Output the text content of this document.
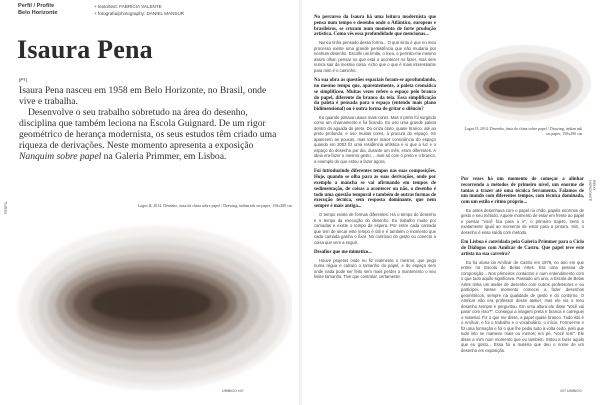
PERFIL
BELO HORIZONTE
Perfil / Profile
Belo Horizonte
+ texto/text: FABRÍCIA VALENTE
+ fotografia/photography: DANIEL MANSUR
Isaura Pena
[PT]

Isaura Pena nasceu em 1958 em Belo Horizonte, no Brasil, onde vive e trabalha.

Desenvolve o seu trabalho sobretudo na área do desenho, disciplina que também leciona na Escola Guignard. De um rigor geométrico de herança modernista, os seus estudos têm criado uma riqueza de derivações. Neste momento apresenta a exposição Nanquim sobre papel na Galeria Primmer, em Lisboa.

Lagos II, 2014. Desenho, tinta da china sobre papel / Drawing, indian ink on paper, 150x200 cm
UMBIGO #07
No percurso da Isaura há uma leitura modernista que pensa num tempo e desenho onde o Atlântico, europeus e brasileiros, se cruzam num momento de forte produção artística. Como vês essa profundidade que mencionas...
Nunca tinha pensado dessa forma... O que sinto é que no meu processo existe uma grande persistência que não mudaria por nenhum desenho. Escolhi um limite, o meu, e permito-me mesmo assim olhar, pensar no que está a acontecer no fazer, mas sem nunca sair da mesma coisa. Acho que o que é mais interessante para mim é o caminho.
Na sua obra as questões espaciais foram-se aprofundando, no mesmo tempo que, aparentemente, a paleta cromática se simplificou. Muitas vezes refere o espaço pelo branco do papel, diferente do branco da tela. Essa simplificação da paleta é pensada para o espaço (entendo mais plano bidimensional) ou é outra forma de gritar o silêncio?
Eu quando pintava usava mais cores. Mas o preto foi surgindo como um chamamento e fui ficando. Eu uso uma grande paleta dentro da aguada do preto. Do cinza claro, quase branco, até ao preto profundo, e uso muitas cores, à procura do espaço. Só aparecem as poucas, mas tornei maior consciência do espaço quando em 2003 fiz uma residência artística e vi que a luz e o espaço do desenho por dia, durante um mês, eram diferentes. A ideia era fazer o mesmo gesto, ...mas só com o preto e o branco, a exemplo do que estou a fazer agora.
Foi introduzindo diferentes tempos nas suas composições. Hoje, quando se olha para as suas derivações, onde por exemplo a mancha se vai afirmando em tempos de sedimentação, de coisas a acontecer ou não, o desenho é todo uma questão temporal e também de outras formas de execução técnica, sem resposta dominante, que nem sempre é mais antiga...
O tempo existe de formas diferentes. Há o tempo do desenho e o tempo da execução do desenho. Eu trabalho muito por camadas e existe o tempo da espera. Por entre cada camada que tem de secar este tempo é útil e é também o momento que cada camada ganha o fixar. No contínuo do gesto eu conecto a coisa que vem a seguir.
Desafios que me mimetizo...
Houve projetos onde eu fiz realmente o mesmo, que pego numa régua e calculo o tamanho do papel, e do espaço sem onde nada pode ser feito sem mais perder o mantimento o seu limite tamanho. Tive que controlar, certamente.
Lagos II, 2014. Desenho, tinta da china sobre papel / Drawing, indian ink on paper, 150x200 cm
Por vezes há um momento de começar a alinhar recorrendo a métodos de primeiro nível, um enorme de tantas a trazer até uma técnica ferramenta. Falamos de um mundo com diferentes tempos, com técnica dominada, com um estilo e ritmo próprio...
Eu antes desenhava com o papel no chão, papéis enormes de gesto e seu método. Aquele momento de estar em frente ao papel e pensar "você fica para o ir", o primeiro trajeto, senti o exatamente igual ao momento de estar para a pintura. Sim, o desenho é essa saída com método.
Em Lisboa é convidada pela Galeria Primmer para o Ciclo de Diálogos com Amílcar de Castro. Que papel teve este artista na sua carreira?
Eu fui aluna do Amílcar de Castro em 1979, no ano em que entrei na Escola de Belas Artes. Era uma pessoa de composição... Nos primeiros contactos e num entendimento com o que tudo aquilo significava. Passado um ano, a Escola de Belas Artes tinha um atelier de desenho com outros professores e eu participei. Nesse momento comecei a fazer desenhos geométricos, sempre na qualidade de gesto e do contorno. O Amílcar não era professor desse atelier, mas ele via o meu desenho sempre e perguntou. Em uma altura ele disse "você vai parar com isso?". Consegui a imagem preta e branca e carreguei o material. Fiz o que me disse, a papel quase branco. Tudo isto é o Amílcar, e foi o trabalho e o vocabulário, o início. Formei-me e fiz uma formação e foi o que lhe pediu tudo à volta cedo, pelo que tudo isto se manteve mais ou menos; em pé, "você tem". Ele disse a mim num momento que eu também. Estou a fazer aquilo que eu gosto... Essa foi a matéria que deu o nome de um desenho em exposição.
#07 UMBIGO
